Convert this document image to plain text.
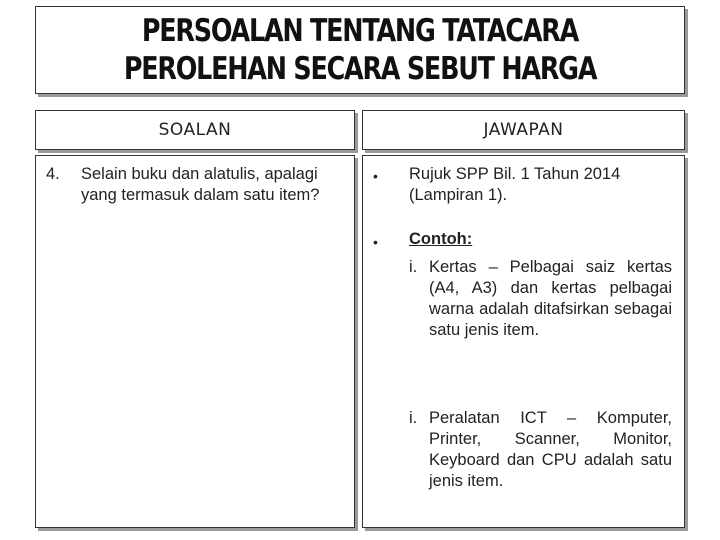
PERSOALAN TENTANG TATACARA
PEROLEHAN SECARA SEBUT HARGA
SOALAN	JAWAPAN
4. Selain buku dan alatulis, apalagi yang termasuk dalam satu item?
• Rujuk SPP Bil. 1 Tahun 2014 (Lampiran 1).
• Contoh:
i. Kertas – Pelbagai saiz kertas (A4, A3) dan kertas pelbagai warna adalah ditafsirkan sebagai satu jenis item.
i. Peralatan ICT – Komputer, Printer, Scanner, Monitor, Keyboard dan CPU adalah satu jenis item.
